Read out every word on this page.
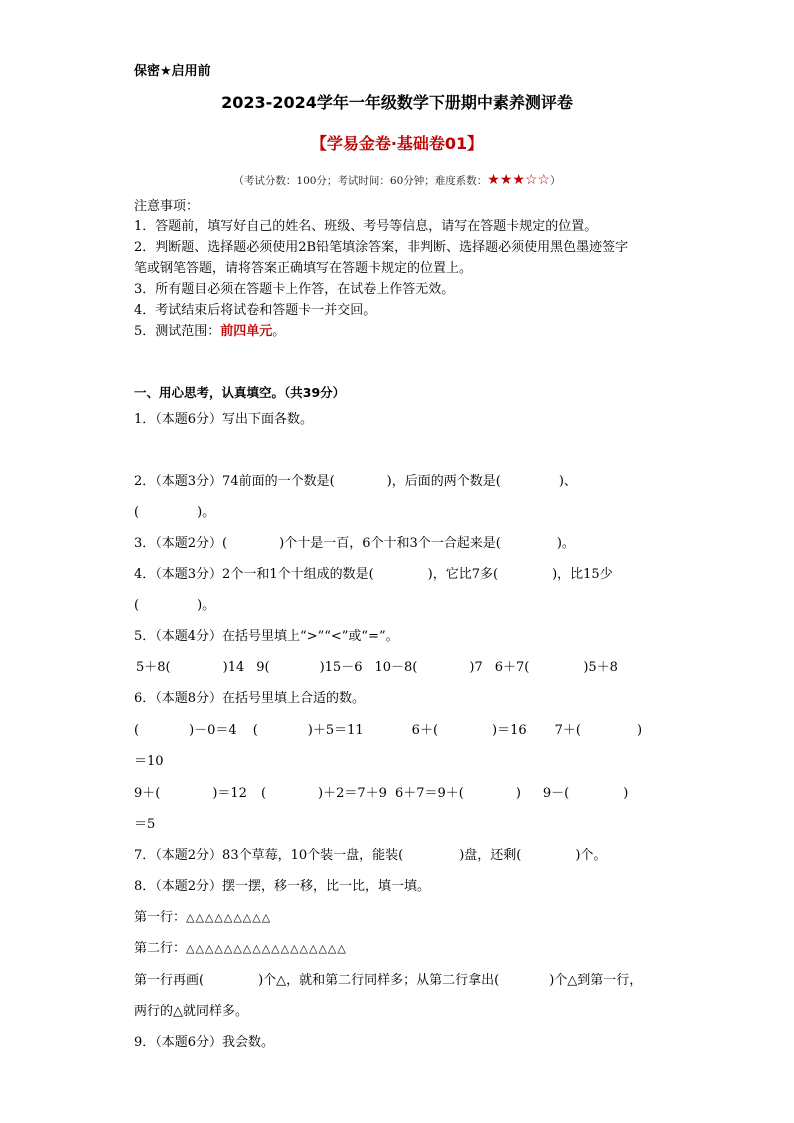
保密★启用前
2023-2024学年一年级数学下册期中素养测评卷
【学易金卷·基础卷01】
（考试分数：100分；考试时间：60分钟；难度系数：★★★☆☆）
注意事项：
1．答题前，填写好自己的姓名、班级、考号等信息，请写在答题卡规定的位置。
2．判断题、选择题必须使用2B铅笔填涂答案，非判断、选择题必须使用黑色墨迹签字
笔或钢笔答题，请将答案正确填写在答题卡规定的位置上。
3．所有题目必须在答题卡上作答，在试卷上作答无效。
4．考试结束后将试卷和答题卡一并交回。
5．测试范围：前四单元。
一、用心思考，认真填空。（共39分）
1．（本题6分）写出下面各数。
2．（本题3分）74前面的一个数是(	)，后面的两个数是(	)、
(	)。
3．（本题2分）(	)个十是一百，6个十和3个一合起来是(	)。
4．（本题3分）2个一和1个十组成的数是(	)，它比7多(	)，比15少
(	)。
5．（本题4分）在括号里填上“>”“<”或“=”。
5＋8(	)14 9(	)15－6 10－8(	)7 6＋7(	)5＋8
6．（本题8分）在括号里填上合适的数。
(	)－0＝4 (	)＋5＝11	6＋(	)＝16 7＋(	)
＝10
9＋(	)＝12 (	)＋2＝7＋9 6＋7＝9＋(	) 9－(	)
＝5
7．（本题2分）83个草莓，10个装一盘，能装(	)盘，还剩(	)个。
8．（本题2分）摆一摆，移一移，比一比，填一填。
第一行：△△△△△△△△△
第二行：△△△△△△△△△△△△△△△△△
第一行再画(	)个△，就和第二行同样多；从第二行拿出(	)个△到第一行，
两行的△就同样多。
9．（本题6分）我会数。
